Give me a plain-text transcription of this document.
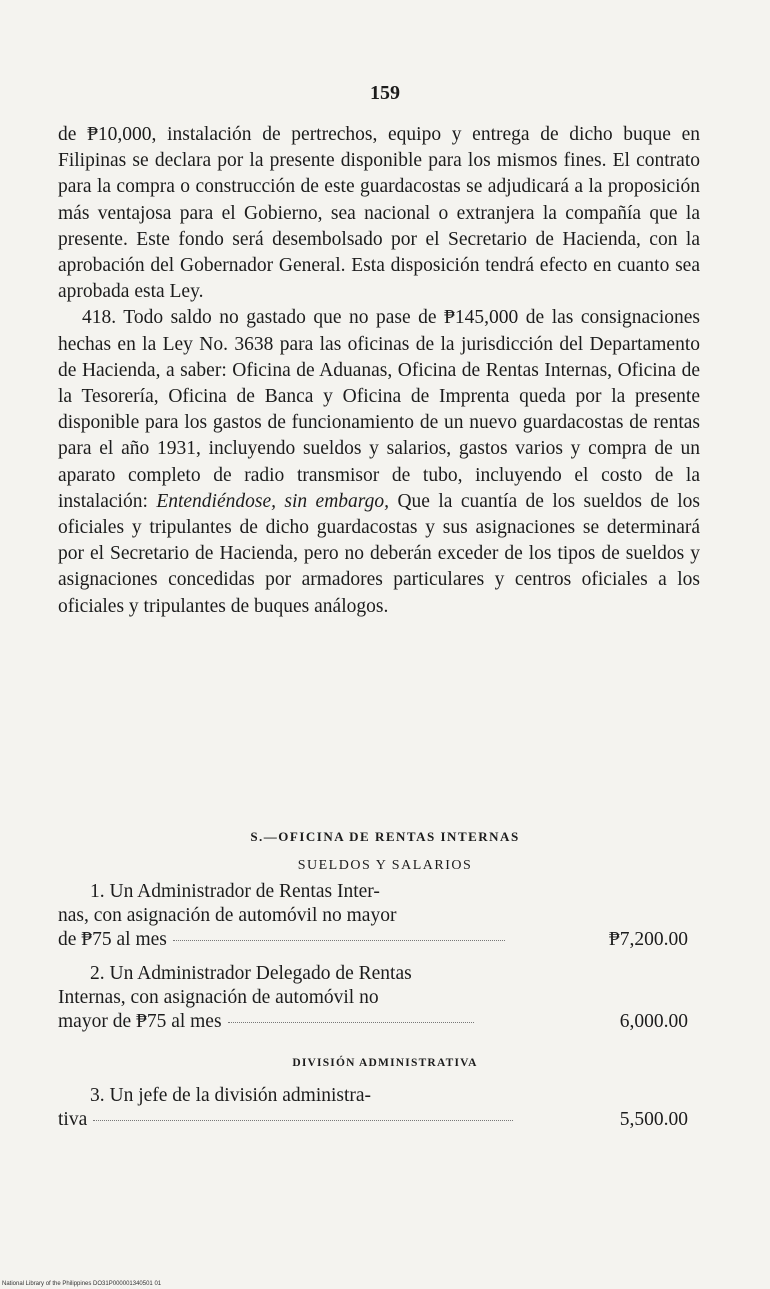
159

de ₱10,000, instalación de pertrechos, equipo y entrega de dicho buque en Filipinas se declara por la presente disponible para los mismos fines. El contrato para la compra o construcción de este guardacostas se adjudicará a la proposición más ventajosa para el Gobierno, sea nacional o extranjera la compañía que la presente. Este fondo será desembolsado por el Secretario de Hacienda, con la aprobación del Gobernador General. Esta disposición tendrá efecto en cuanto sea aprobada esta Ley.

418. Todo saldo no gastado que no pase de ₱145,000 de las consignaciones hechas en la Ley No. 3638 para las oficinas de la jurisdicción del Departamento de Hacienda, a saber: Oficina de Aduanas, Oficina de Rentas Internas, Oficina de la Tesorería, Oficina de Banca y Oficina de Imprenta queda por la presente disponible para los gastos de funcionamiento de un nuevo guardacostas de rentas para el año 1931, incluyendo sueldos y salarios, gastos varios y compra de un aparato completo de radio transmisor de tubo, incluyendo el costo de la instalación: Entendiéndose, sin embargo, Que la cuantía de los sueldos de los oficiales y tripulantes de dicho guardacostas y sus asignaciones se determinará por el Secretario de Hacienda, pero no deberán exceder de los tipos de sueldos y asignaciones concedidas por armadores particulares y centros oficiales a los oficiales y tripulantes de buques análogos.

S.—OFICINA DE RENTAS INTERNAS
SUELDOS Y SALARIOS
1. Un Administrador de Rentas Inter-
nas, con asignación de automóvil no mayor
de ₱75 al mes	₱7,200.00
2. Un Administrador Delegado de Rentas
Internas, con asignación de automóvil no
mayor de ₱75 al mes	6,000.00
DIVISIÓN ADMINISTRATIVA
3. Un jefe de la división administra-
tiva	5,500.00
National Library of the Philippines DO31P000001340501 01
